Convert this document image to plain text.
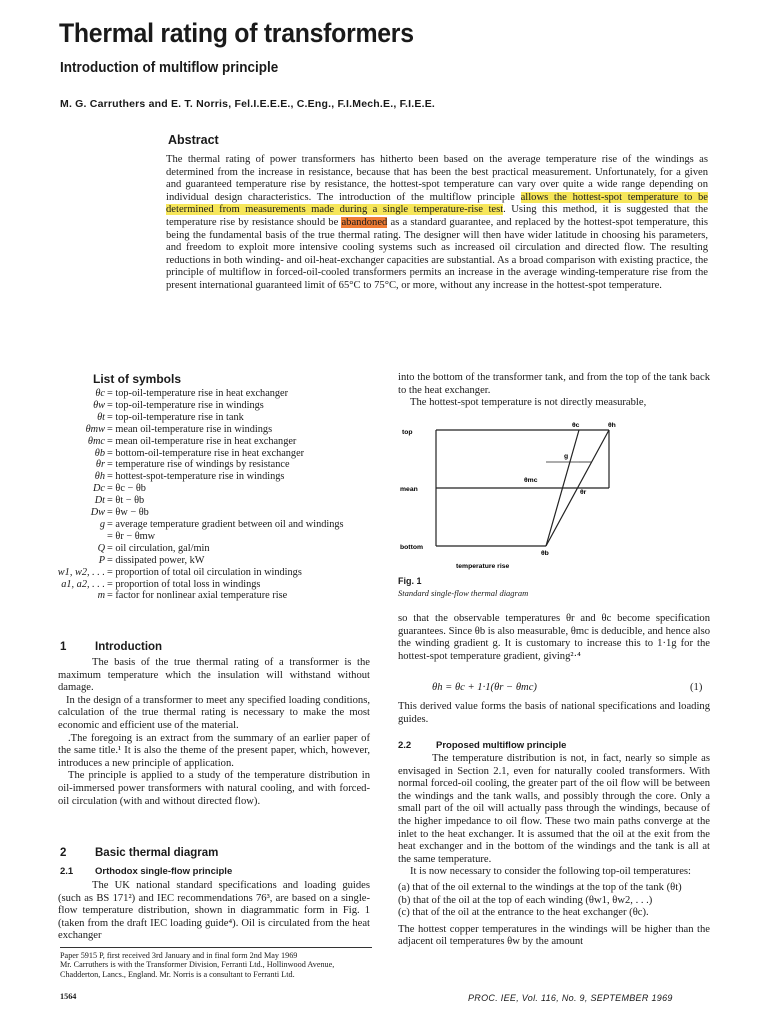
Thermal rating of transformers
Introduction of multiflow principle
M. G. Carruthers and E. T. Norris, Fel.I.E.E.E., C.Eng., F.I.Mech.E., F.I.E.E.
Abstract
The thermal rating of power transformers has hitherto been based on the average temperature rise of the windings as determined from the increase in resistance, because that has been the best practical measurement. Unfortunately, for a given and guaranteed temperature rise by resistance, the hottest-spot temperature can vary over quite a wide range depending on individual design characteristics. The introduction of the multiflow principle allows the hottest-spot temperature to be determined from measurements made during a single temperature-rise test. Using this method, it is suggested that the temperature rise by resistance should be abandoned as a standard guarantee, and replaced by the hottest-spot temperature, this being the fundamental basis of the true thermal rating. The designer will then have wider latitude in choosing his parameters, and freedom to exploit more intensive cooling systems such as increased oil circulation and directed flow. The resulting reductions in both winding- and oil-heat-exchanger capacities are substantial. As a broad comparison with existing practice, the principle of multiflow in forced-oil-cooled transformers permits an increase in the average winding-temperature rise from the present international guaranteed limit of 65°C to 75°C, or more, without any increase in the hottest-spot temperature.
List of symbols
θc = top-oil-temperature rise in heat exchanger
θw = top-oil-temperature rise in windings
θt = top-oil-temperature rise in tank
θmw = mean oil-temperature rise in windings
θmc = mean oil-temperature rise in heat exchanger
θb = bottom-oil-temperature rise in heat exchanger
θr = temperature rise of windings by resistance
θh = hottest-spot-temperature rise in windings
Dc = θc − θb
Dt = θt − θb
Dw = θw − θb
g = average temperature gradient between oil and windings
= θr − θmw
Q = oil circulation, gal/min
P = dissipated power, kW
w1, w2, . . . = proportion of total oil circulation in windings
a1, a2, . . . = proportion of total loss in windings
m = factor for nonlinear axial temperature rise
1 Introduction

The basis of the true thermal rating of a transformer is the maximum temperature which the insulation will withstand without damage.

In the design of a transformer to meet any specified loading conditions, calculation of the true thermal rating is necessary to make the most economic and efficient use of the material.

.The foregoing is an extract from the summary of an earlier paper of the same title.¹ It is also the theme of the present paper, which, however, introduces a new principle of application.

The principle is applied to a study of the temperature distribution in oil-immersed power transformers with natural cooling, and with forced-oil circulation (with and without directed flow).

2 Basic thermal diagram
2.1 Orthodox single-flow principle

The UK national standard specifications and loading guides (such as BS 171²) and IEC recommendations 76³, are based on a single-flow temperature distribution, shown in diagrammatic form in Fig. 1 (taken from the draft IEC loading guide⁴). Oil is circulated from the heat exchanger

Paper 5915 P, first received 3rd January and in final form 2nd May 1969
Mr. Carruthers is with the Transformer Division, Ferranti Ltd., Hollinwood Avenue, Chadderton, Lancs., England. Mr. Norris is a consultant to Ferranti Ltd.
1564

into the bottom of the transformer tank, and from the top of the tank back to the heat exchanger.

The hottest-spot temperature is not directly measurable,

top
mean
bottom
θc	θh
g
θmc
θr
θb
temperature rise
Fig. 1
Standard single-flow thermal diagram

so that the observable temperatures θr and θc become specification guarantees. Since θb is also measurable, θmc is deducible, and hence also the winding gradient g. It is customary to increase this to 1·1g for the hottest-spot temperature gradient, giving²·⁴

θh = θc + 1·1(θr − θmc)	(1)

This derived value forms the basis of national specifications and loading guides.

2.2	Proposed multiflow principle

The temperature distribution is not, in fact, nearly so simple as envisaged in Section 2.1, even for naturally cooled transformers. With normal forced-oil cooling, the greater part of the oil flow will be between the windings and the tank walls, and possibly through the core. Only a small part of the oil will actually pass through the windings, because of the higher impedance to oil flow. These two main paths converge at the inlet to the heat exchanger. It is assumed that the oil at the exit from the heat exchanger and in the bottom of the windings and the tank is all at the same temperature.

It is now necessary to consider the following top-oil temperatures:

(a) that of the oil external to the windings at the top of the tank (θt)
(b) that of the oil at the top of each winding (θw1, θw2, . . .)
(c) that of the oil at the entrance to the heat exchanger (θc).

The hottest copper temperatures in the windings will be higher than the adjacent oil temperatures θw by the amount

PROC. IEE, Vol. 116, No. 9, SEPTEMBER 1969
